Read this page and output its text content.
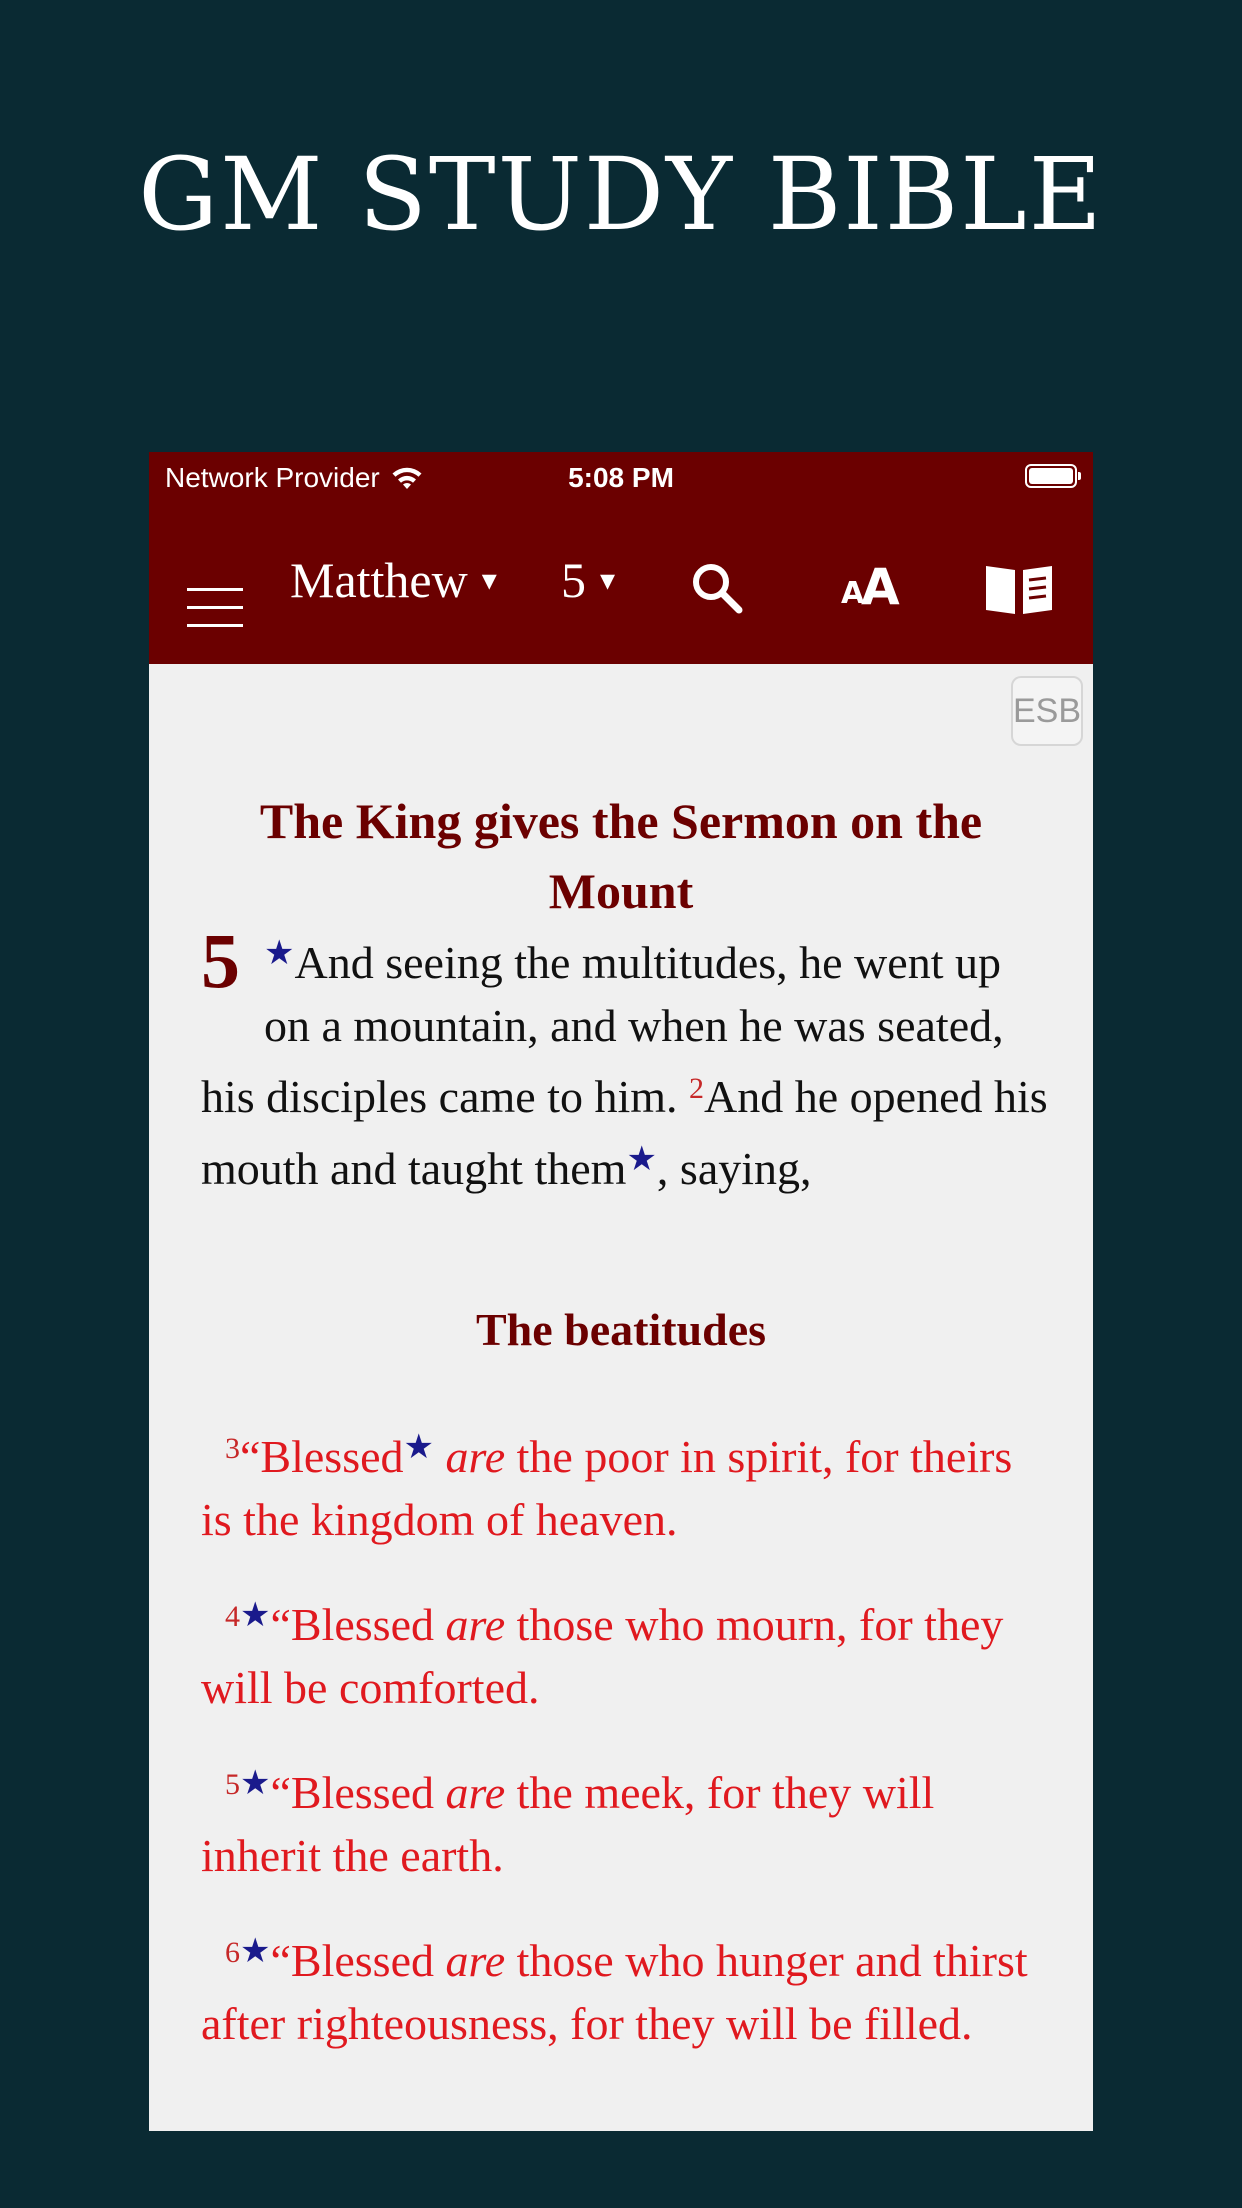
GM STUDY BIBLE
Network Provider	5:08 PM
Matthew ▾ 5 ▾	A
A
ESB
The King gives the Sermon on the Mount
5 ★And seeing the multitudes, he went up on a mountain, and when he was seated, his disciples came to him. $^2$And he opened his mouth and taught them★, saying,
The beatitudes
$^3$“Blessed★ are the poor in spirit, for theirs is the kingdom of heaven.
$^{4★}$“Blessed are those who mourn, for they will be comforted.
$^{5★}$“Blessed are the meek, for they will inherit the earth.
$^{6★}$“Blessed are those who hunger and thirst after righteousness, for they will be filled.
